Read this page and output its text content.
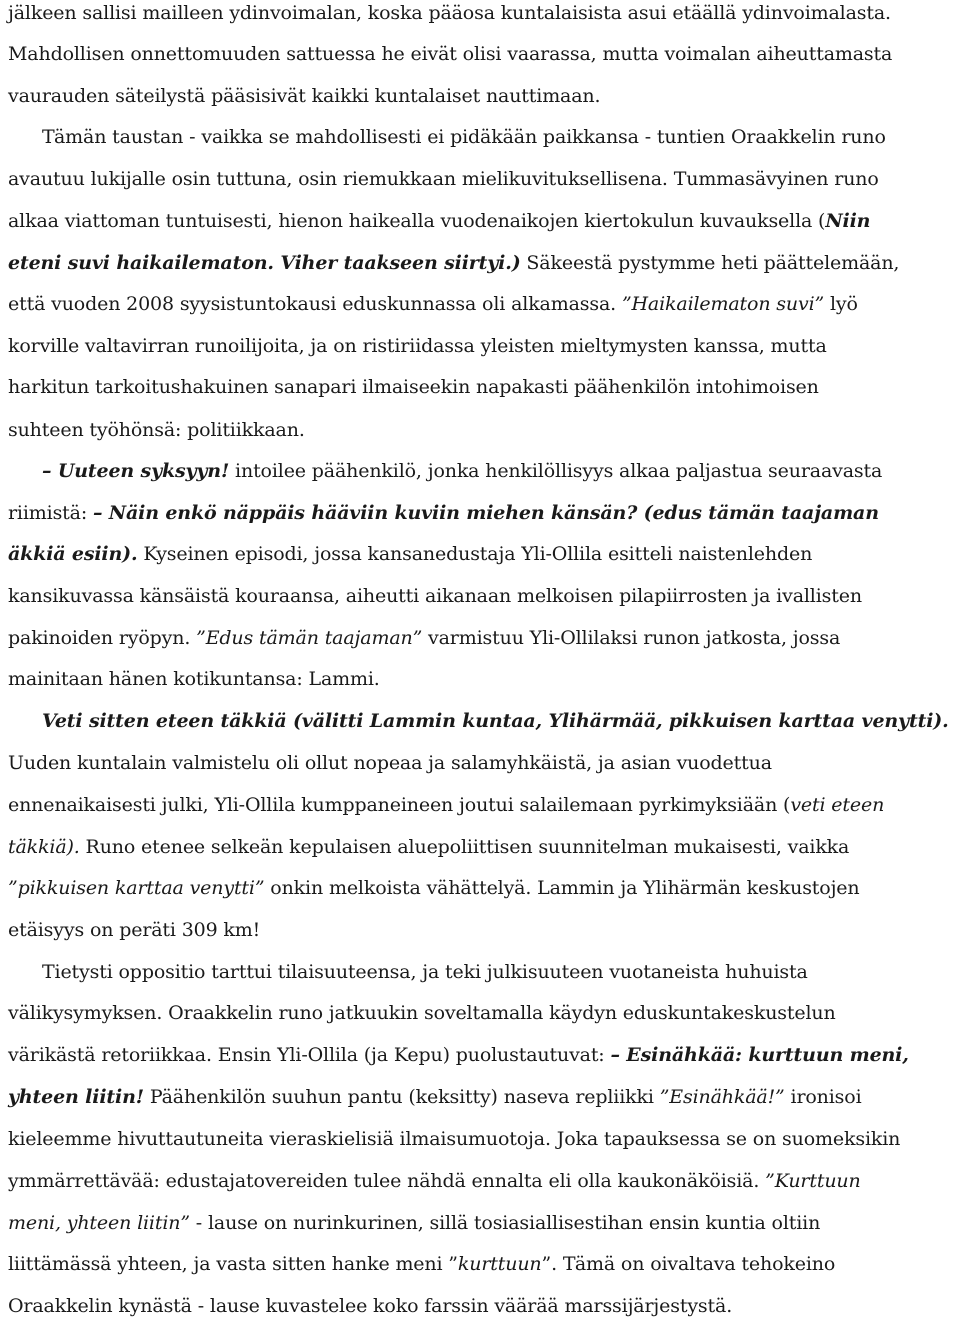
jälkeen sallisi mailleen ydinvoimalan, koska pääosa kuntalaisista asui etäällä ydinvoimalasta.
Mahdollisen onnettomuuden sattuessa he eivät olisi vaarassa, mutta voimalan aiheuttamasta
vaurauden säteilystä pääsisivät kaikki kuntalaiset nauttimaan.
Tämän taustan - vaikka se mahdollisesti ei pidäkään paikkansa - tuntien Oraakkelin runo
avautuu lukijalle osin tuttuna, osin riemukkaan mielikuvituksellisena. Tummasävyinen runo
alkaa viattoman tuntuisesti, hienon haikealla vuodenaikojen kiertokulun kuvauksella (Niin
eteni suvi haikailematon. Viher taakseen siirtyi.) Säkeestä pystymme heti päättelemään,
että vuoden 2008 syysistuntokausi eduskunnassa oli alkamassa. ”Haikailematon suvi” lyö
korville valtavirran runoilijoita, ja on ristiriidassa yleisten mieltymysten kanssa, mutta
harkitun tarkoitushakuinen sanapari ilmaiseekin napakasti päähenkilön intohimoisen
suhteen työhönsä: politiikkaan.
– Uuteen syksyyn! intoilee päähenkilö, jonka henkilöllisyys alkaa paljastua seuraavasta
riimistä: – Näin enkö näppäis hääviin kuviin miehen känsän? (edus tämän taajaman
äkkiä esiin). Kyseinen episodi, jossa kansanedustaja Yli-Ollila esitteli naistenlehden
kansikuvassa känsäistä kouraansa, aiheutti aikanaan melkoisen pilapiirrosten ja ivallisten
pakinoiden ryöpyn. ”Edus tämän taajaman” varmistuu Yli-Ollilaksi runon jatkosta, jossa
mainitaan hänen kotikuntansa: Lammi.
Veti sitten eteen täkkiä (välitti Lammin kuntaa, Ylihärmää, pikkuisen karttaa venytti).
Uuden kuntalain valmistelu oli ollut nopeaa ja salamyhkäistä, ja asian vuodettua
ennenaikaisesti julki, Yli-Ollila kumppaneineen joutui salailemaan pyrkimyksiään (veti eteen
täkkiä). Runo etenee selkeän kepulaisen aluepoliittisen suunnitelman mukaisesti, vaikka
”pikkuisen karttaa venytti” onkin melkoista vähättelyä. Lammin ja Ylihärmän keskustojen
etäisyys on peräti 309 km!
Tietysti oppositio tarttui tilaisuuteensa, ja teki julkisuuteen vuotaneista huhuista
välikysymyksen. Oraakkelin runo jatkuukin soveltamalla käydyn eduskuntakeskustelun
värikästä retoriikkaa. Ensin Yli-Ollila (ja Kepu) puolustautuvat: – Esinähkää: kurttuun meni,
yhteen liitin! Päähenkilön suuhun pantu (keksitty) naseva repliikki ”Esinähkää!” ironisoi
kieleemme hivuttautuneita vieraskielisiä ilmaisumuotoja. Joka tapauksessa se on suomeksikin
ymmärrettävää: edustajatovereiden tulee nähdä ennalta eli olla kaukonäköisiä. ”Kurttuun
meni, yhteen liitin” - lause on nurinkurinen, sillä tosiasiallisestihan ensin kuntia oltiin
liittämässä yhteen, ja vasta sitten hanke meni ”kurttuun”. Tämä on oivaltava tehokeino
Oraakkelin kynästä - lause kuvastelee koko farssin väärää marssijärjestystä.
